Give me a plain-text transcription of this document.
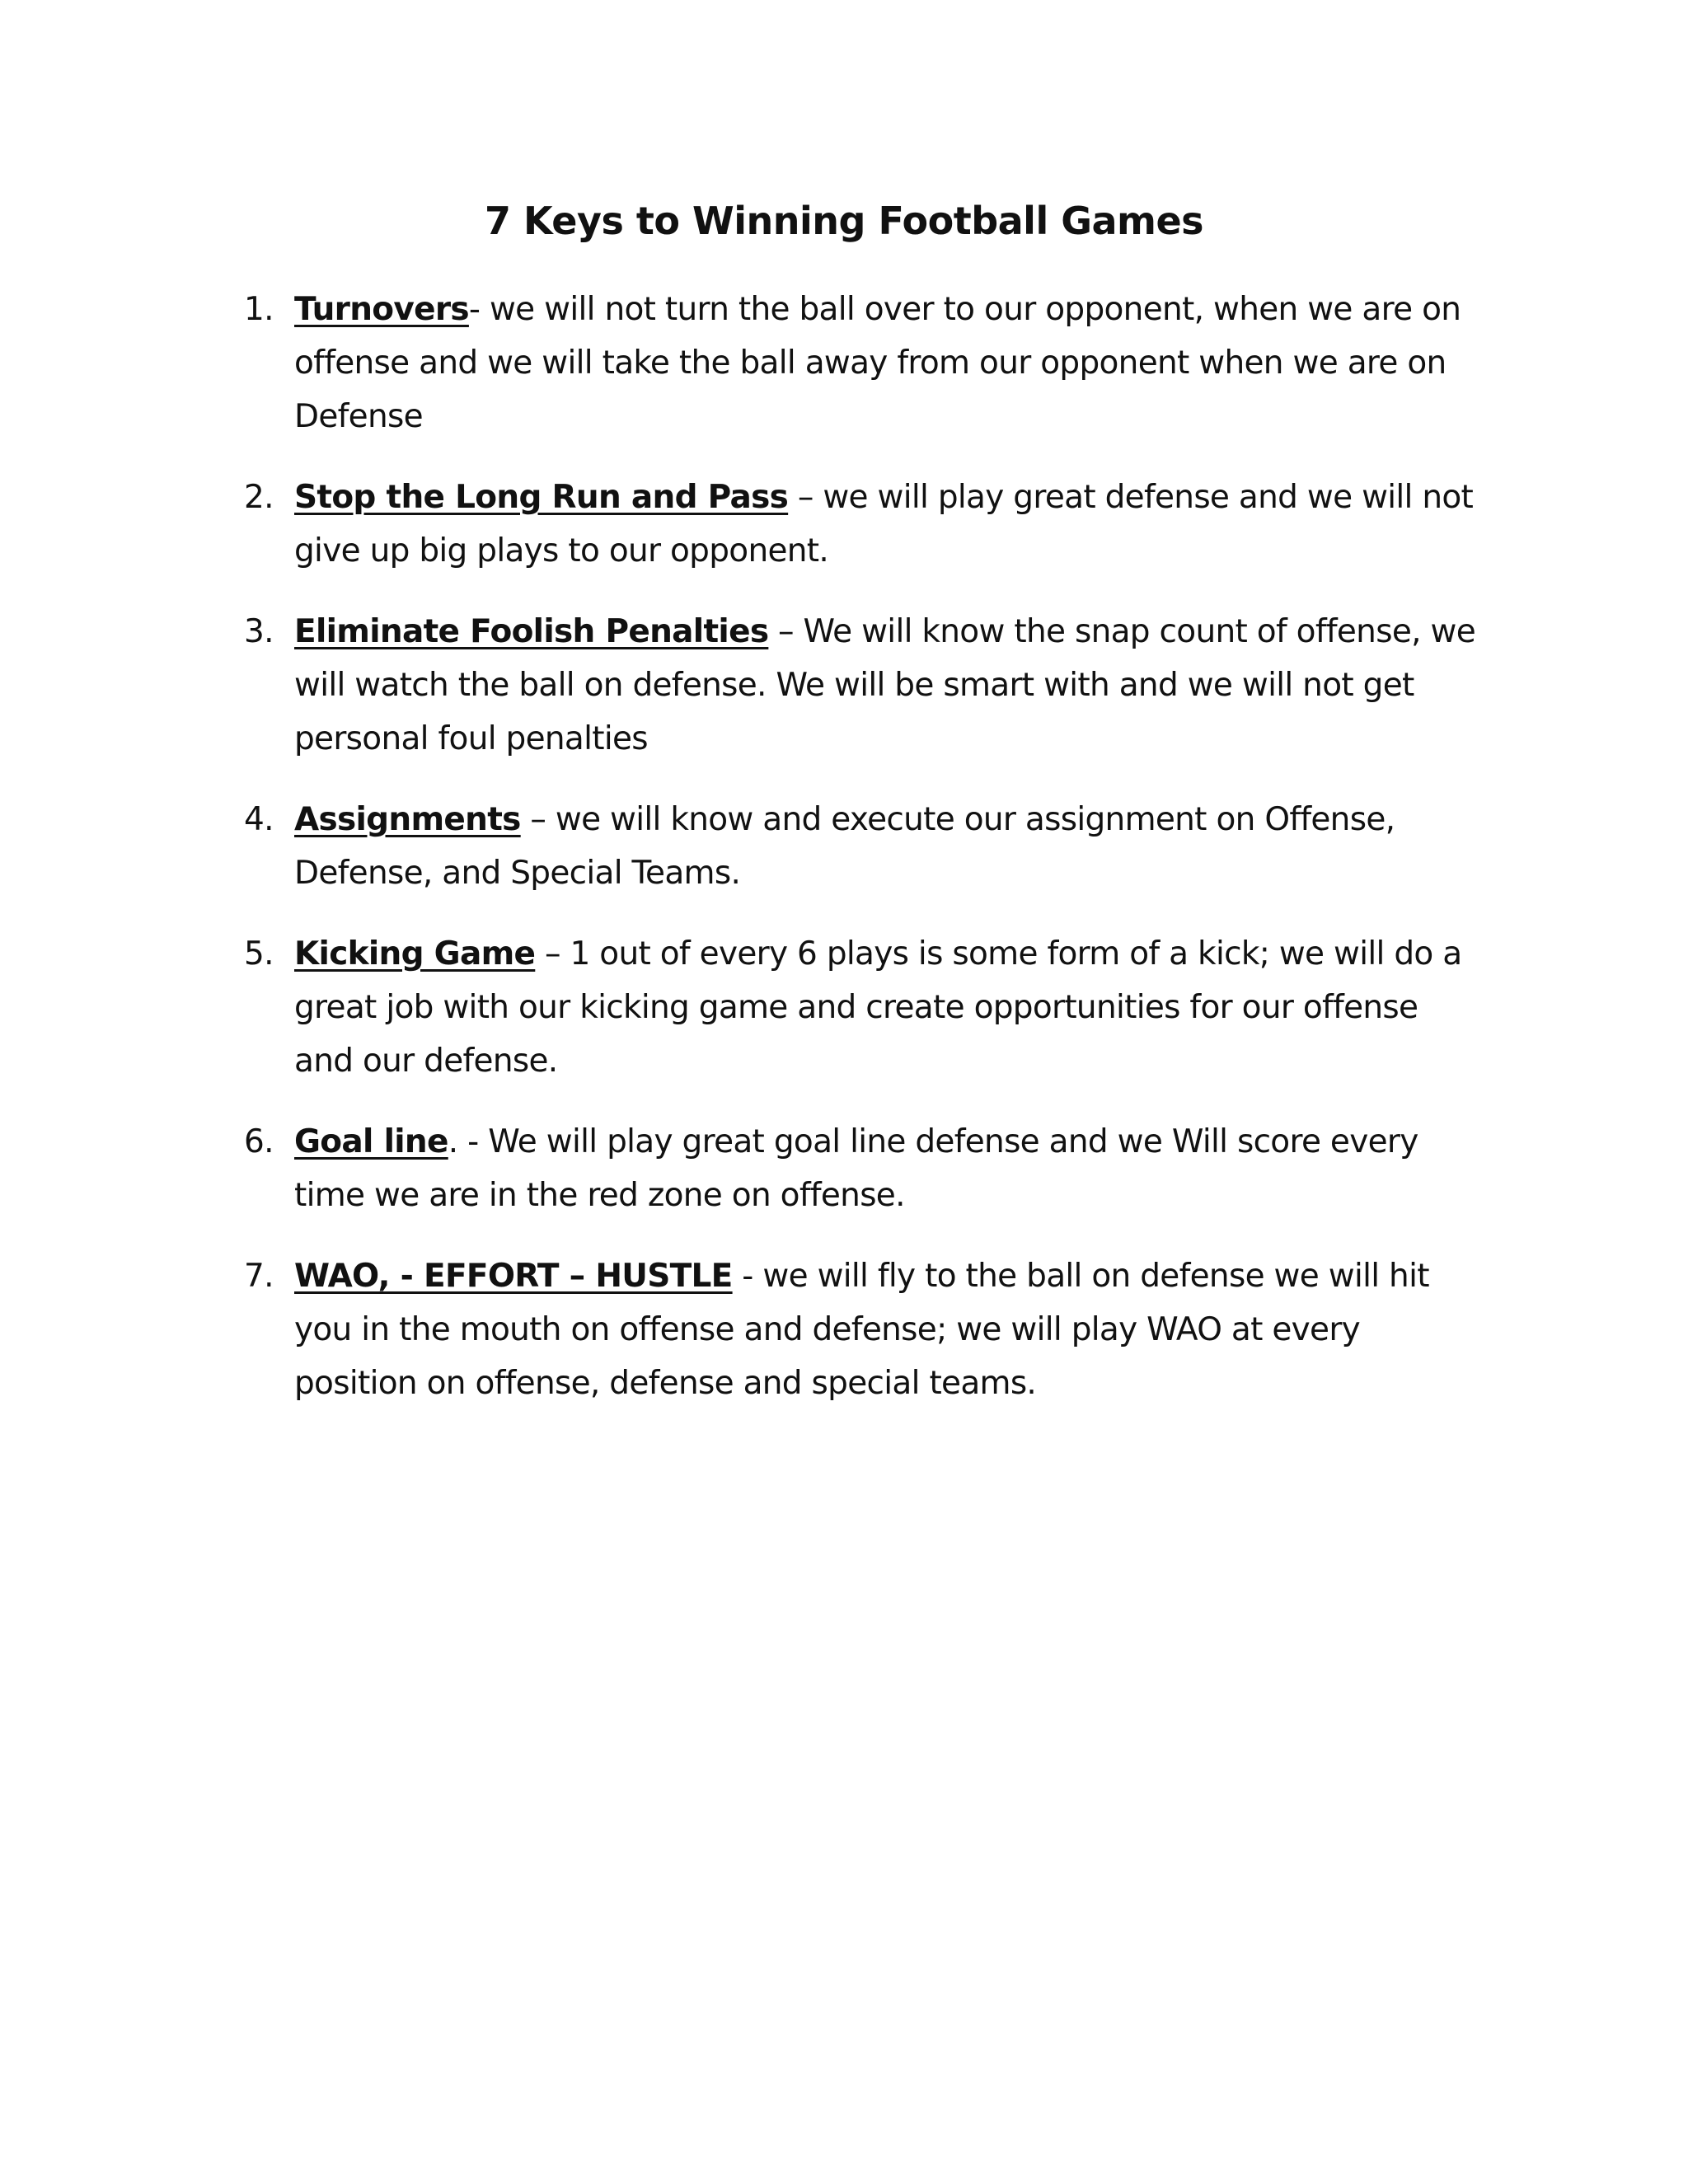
7 Keys to Winning Football Games
1. Turnovers- we will not turn the ball over to our opponent, when we are on offense and we will take the ball away from our opponent when we are on Defense
2. Stop the Long Run and Pass – we will play great defense and we will not give up big plays to our opponent.
3. Eliminate Foolish Penalties – We will know the snap count of offense, we will watch the ball on defense. We will be smart with and we will not get personal foul penalties
4. Assignments – we will know and execute our assignment on Offense, Defense, and Special Teams.
5. Kicking Game – 1 out of every 6 plays is some form of a kick; we will do a great job with our kicking game and create opportunities for our offense and our defense.
6. Goal line. - We will play great goal line defense and we Will score every time we are in the red zone on offense.
7. WAO, - EFFORT – HUSTLE - we will fly to the ball on defense we will hit you in the mouth on offense and defense; we will play WAO at every position on offense, defense and special teams.
